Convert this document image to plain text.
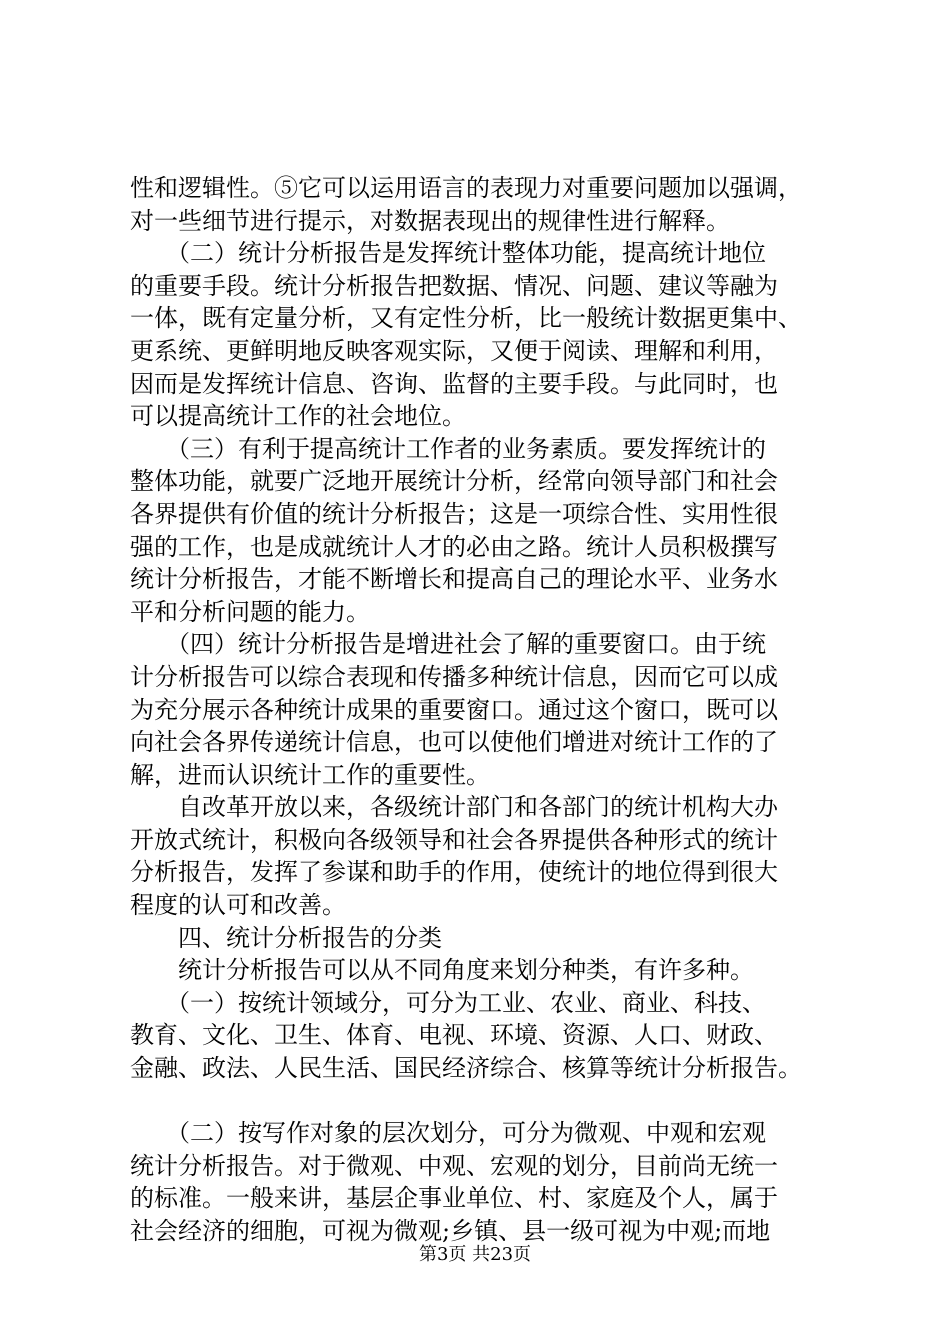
性和逻辑性。⑤它可以运用语言的表现力对重要问题加以强调，
对一些细节进行提示，对数据表现出的规律性进行解释。
　　（二）统计分析报告是发挥统计整体功能，提高统计地位
的重要手段。统计分析报告把数据、情况、问题、建议等融为
一体，既有定量分析，又有定性分析，比一般统计数据更集中、
更系统、更鲜明地反映客观实际，又便于阅读、理解和利用，
因而是发挥统计信息、咨询、监督的主要手段。与此同时，也
可以提高统计工作的社会地位。
　　（三）有利于提高统计工作者的业务素质。要发挥统计的
整体功能，就要广泛地开展统计分析，经常向领导部门和社会
各界提供有价值的统计分析报告；这是一项综合性、实用性很
强的工作，也是成就统计人才的必由之路。统计人员积极撰写
统计分析报告，才能不断增长和提高自己的理论水平、业务水
平和分析问题的能力。
　　（四）统计分析报告是增进社会了解的重要窗口。由于统
计分析报告可以综合表现和传播多种统计信息，因而它可以成
为充分展示各种统计成果的重要窗口。通过这个窗口，既可以
向社会各界传递统计信息，也可以使他们增进对统计工作的了
解，进而认识统计工作的重要性。
　　自改革开放以来，各级统计部门和各部门的统计机构大办
开放式统计，积极向各级领导和社会各界提供各种形式的统计
分析报告，发挥了参谋和助手的作用，使统计的地位得到很大
程度的认可和改善。
　　四、统计分析报告的分类
　　统计分析报告可以从不同角度来划分种类，有许多种。
　　（一）按统计领域分，可分为工业、农业、商业、科技、
教育、文化、卫生、体育、电视、环境、资源、人口、财政、
金融、政法、人民生活、国民经济综合、核算等统计分析报告。
　　（二）按写作对象的层次划分，可分为微观、中观和宏观
统计分析报告。对于微观、中观、宏观的划分，目前尚无统一
的标准。一般来讲，基层企事业单位、村、家庭及个人，属于
社会经济的细胞，可视为微观;乡镇、县一级可视为中观;而地
第3页 共23页
